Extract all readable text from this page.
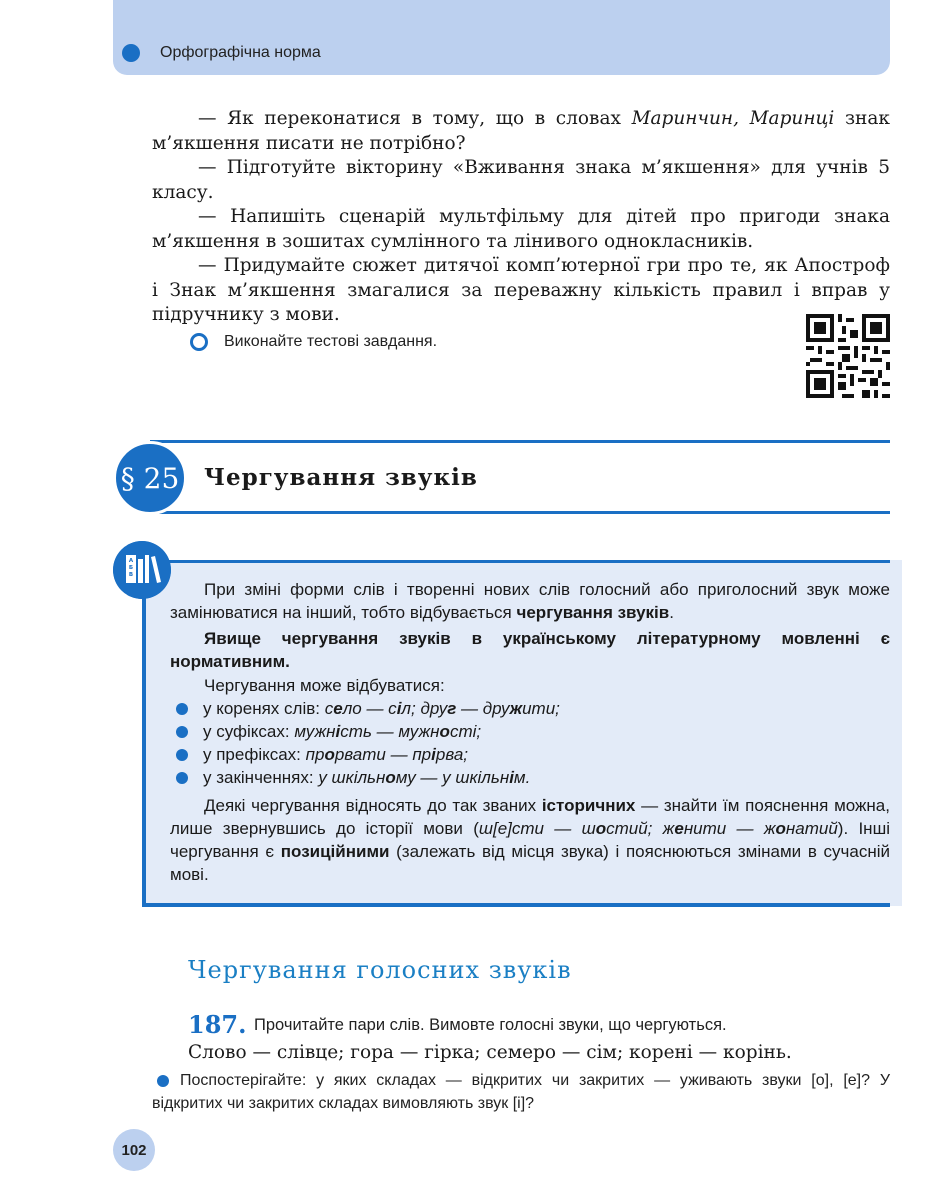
Орфографічна норма

— Як переконатися в тому, що в словах Маринчин, Маринці знак м’якшення писати не потрібно?

— Підготуйте вікторину «Вживання знака м’якшення» для учнів 5 класу.

— Напишіть сценарій мультфільму для дітей про пригоди знака м’якшення в зошитах сумлінного та лінивого однокласників.

— Придумайте сюжет дитячої комп’ютерної гри про те, як Апостроф і Знак м’якшення змагалися за переважну кількість правил і вправ у підручнику з мови.

Виконайте тестові завдання.
§ 25	Чергування звуків
А
Б
В

При зміні форми слів і творенні нових слів голосний або приголосний звук може замінюватися на інший, тобто відбувається чергування звуків.

Явище чергування звуків в українському літературному мовленні є нормативним.

Чергування може відбуватися:

у коренях слів: село — сіл; друг — дружити;

у суфіксах: мужність — мужності;

у префіксах: прорвати — прірва;

у закінченнях: у шкільному — у шкільнім.

Деякі чергування відносять до так званих історичних — знайти їм пояснення можна, лише звернувшись до історії мови (ш[е]сти — шостий; женити — жонатий). Інші чергування є позиційними (залежать від місця звука) і пояснюються змінами в сучасній мові.

Чергування голосних звуків
187. Прочитайте пари слів. Вимовте голосні звуки, що чергуються.
Слово — слівце; гора — гірка; семеро — сім; корені — корінь.

Поспостерігайте: у яких складах — відкритих чи закритих — уживають звуки [о], [е]? У відкритих чи закритих складах вимовляють звук [і]?

102
